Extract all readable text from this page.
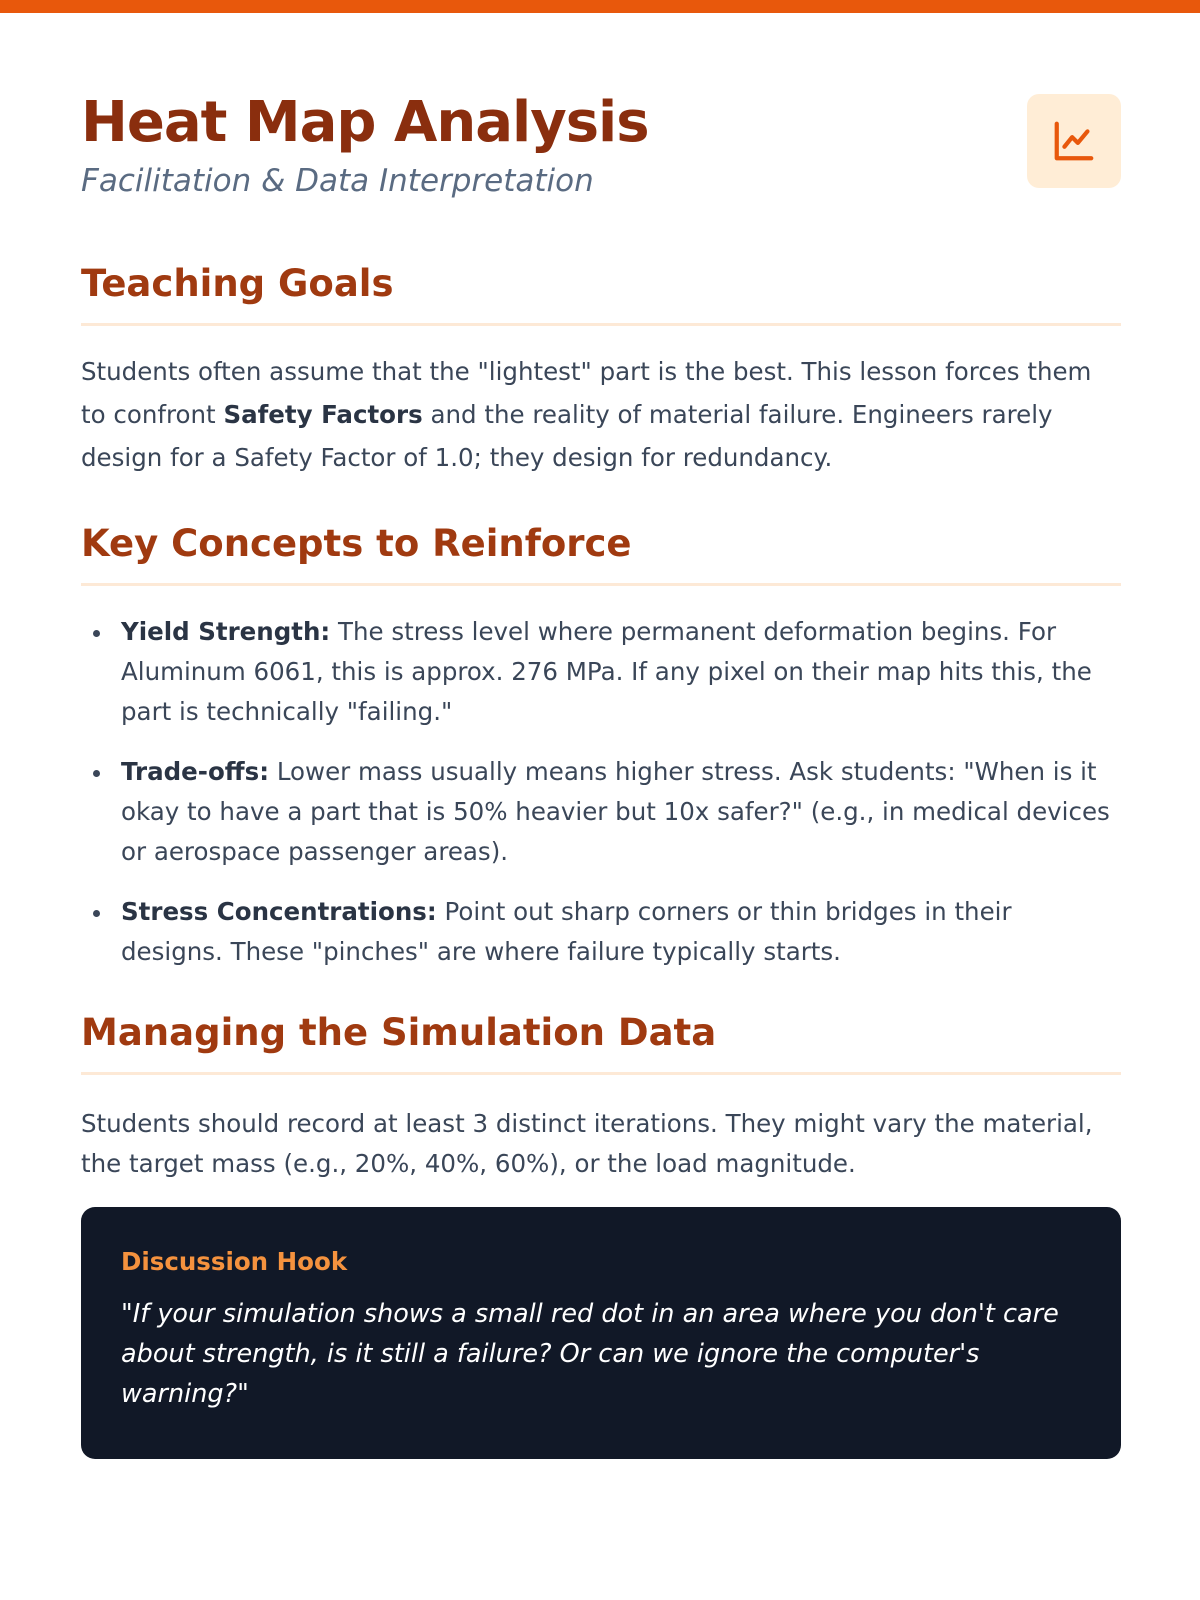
Heat Map Analysis
Facilitation & Data Interpretation
Teaching Goals

Students often assume that the "lightest" part is the best. This lesson forces them to confront Safety Factors and the reality of material failure. Engineers rarely design for a Safety Factor of 1.0; they design for redundancy.

Key Concepts to Reinforce
Yield Strength: The stress level where permanent deformation begins. For Aluminum 6061, this is approx. 276 MPa. If any pixel on their map hits this, the part is technically "failing."
Trade-offs: Lower mass usually means higher stress. Ask students: "When is it okay to have a part that is 50% heavier but 10x safer?" (e.g., in medical devices or aerospace passenger areas).
Stress Concentrations: Point out sharp corners or thin bridges in their designs. These "pinches" are where failure typically starts.
Managing the Simulation Data

Students should record at least 3 distinct iterations. They might vary the material, the target mass (e.g., 20%, 40%, 60%), or the load magnitude.

Discussion Hook

"If your simulation shows a small red dot in an area where you don't care about strength, is it still a failure? Or can we ignore the computer's warning?"
